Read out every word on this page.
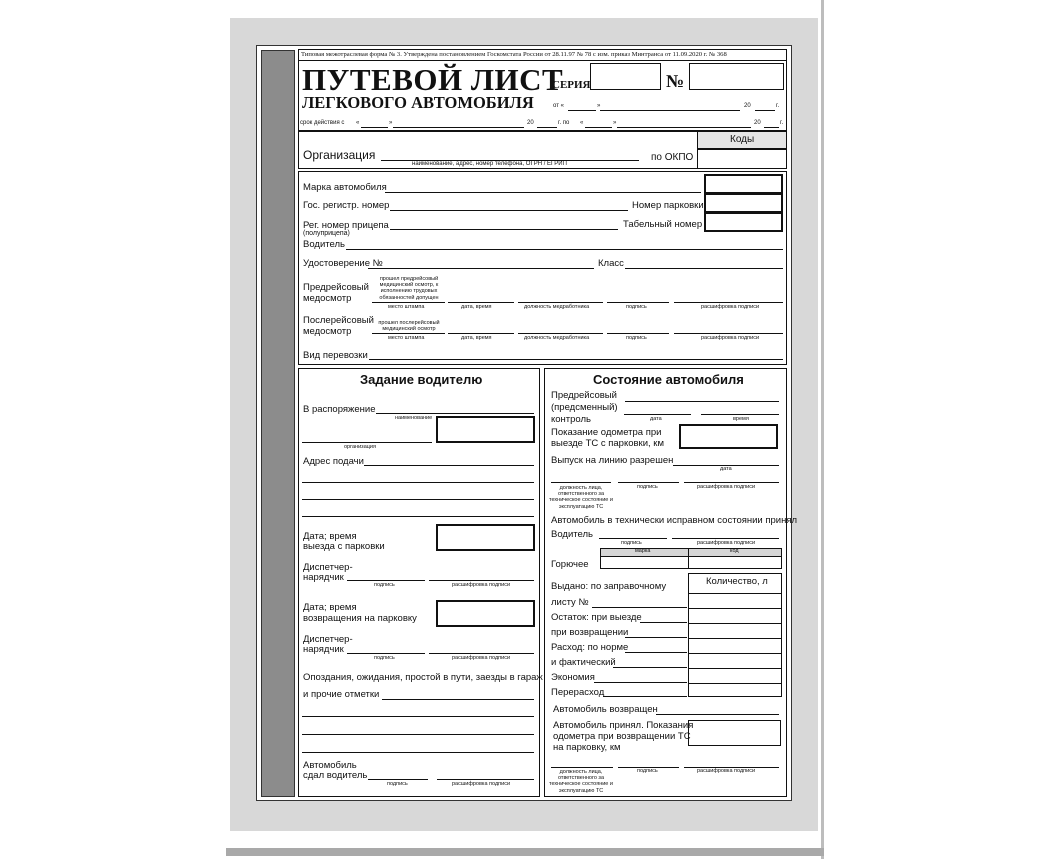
Типовая межотраслевая форма № 3. Утверждена постановлением Госкомстата России от 28.11.97 № 78 с изм. приказ Минтранса от 11.09.2020 г. № 368
ПУТЕВОЙ ЛИСТ
ЛЕГКОВОГО АВТОМОБИЛЯ
СЕРИЯ	№
от «	»	20	г.
срок действия с «	»	20	г. по «	»	20	г.
Коды
Организация
наименование, адрес, номер телефона, ОГРН / ЕГРИП
по ОКПО
Марка автомобиля
Гос. регистр. номер	Номер парковки
Рег. номер прицепа
(полуприцепа)
Табельный номер
Водитель
Удостоверение №	Класс
Предрейсовый
медосмотр
прошел предрейсовый медицинский осмотр, к исполнению трудовых обязанностей допущен
место штампа	дата, время	должность медработника	подпись	расшифровка подписи
Послерейсовый
медосмотр
прошел послерейсовый медицинский осмотр
место штампа	дата, время	должность медработника	подпись	расшифровка подписи
Вид перевозки
Задание водителю
В распоряжение
наименование
организация
Адрес подачи
Дата; время
выезда с парковки
Диспетчер-
нарядчик
подпись	расшифровка подписи
Дата; время
возвращения на парковку
Диспетчер-
нарядчик
подпись	расшифровка подписи
Опоздания, ожидания, простой в пути, заезды в гараж
и прочие отметки
Автомобиль
сдал водитель
подпись	расшифровка подписи
Состояние автомобиля
Предрейсовый
(предсменный)
контроль	дата	время
Показание одометра при
выезде ТС с парковки, км
Выпуск на линию разрешен
дата
должность лица, ответственного за техническое состояние и эксплуатацию ТС
подпись	расшифровка подписи
Автомобиль в технически исправном состоянии принял
Водитель
подпись	расшифровка подписи
марка	код
Горючее
Количество, л
Выдано: по заправочному
листу №
Остаток: при выезде
при возвращении
Расход: по норме
и фактический
Экономия
Перерасход
Автомобиль возвращен
Автомобиль принял. Показания
одометра при возвращении ТС
на парковку, км
должность лица, ответственного за техническое состояние и эксплуатацию ТС
подпись	расшифровка подписи
